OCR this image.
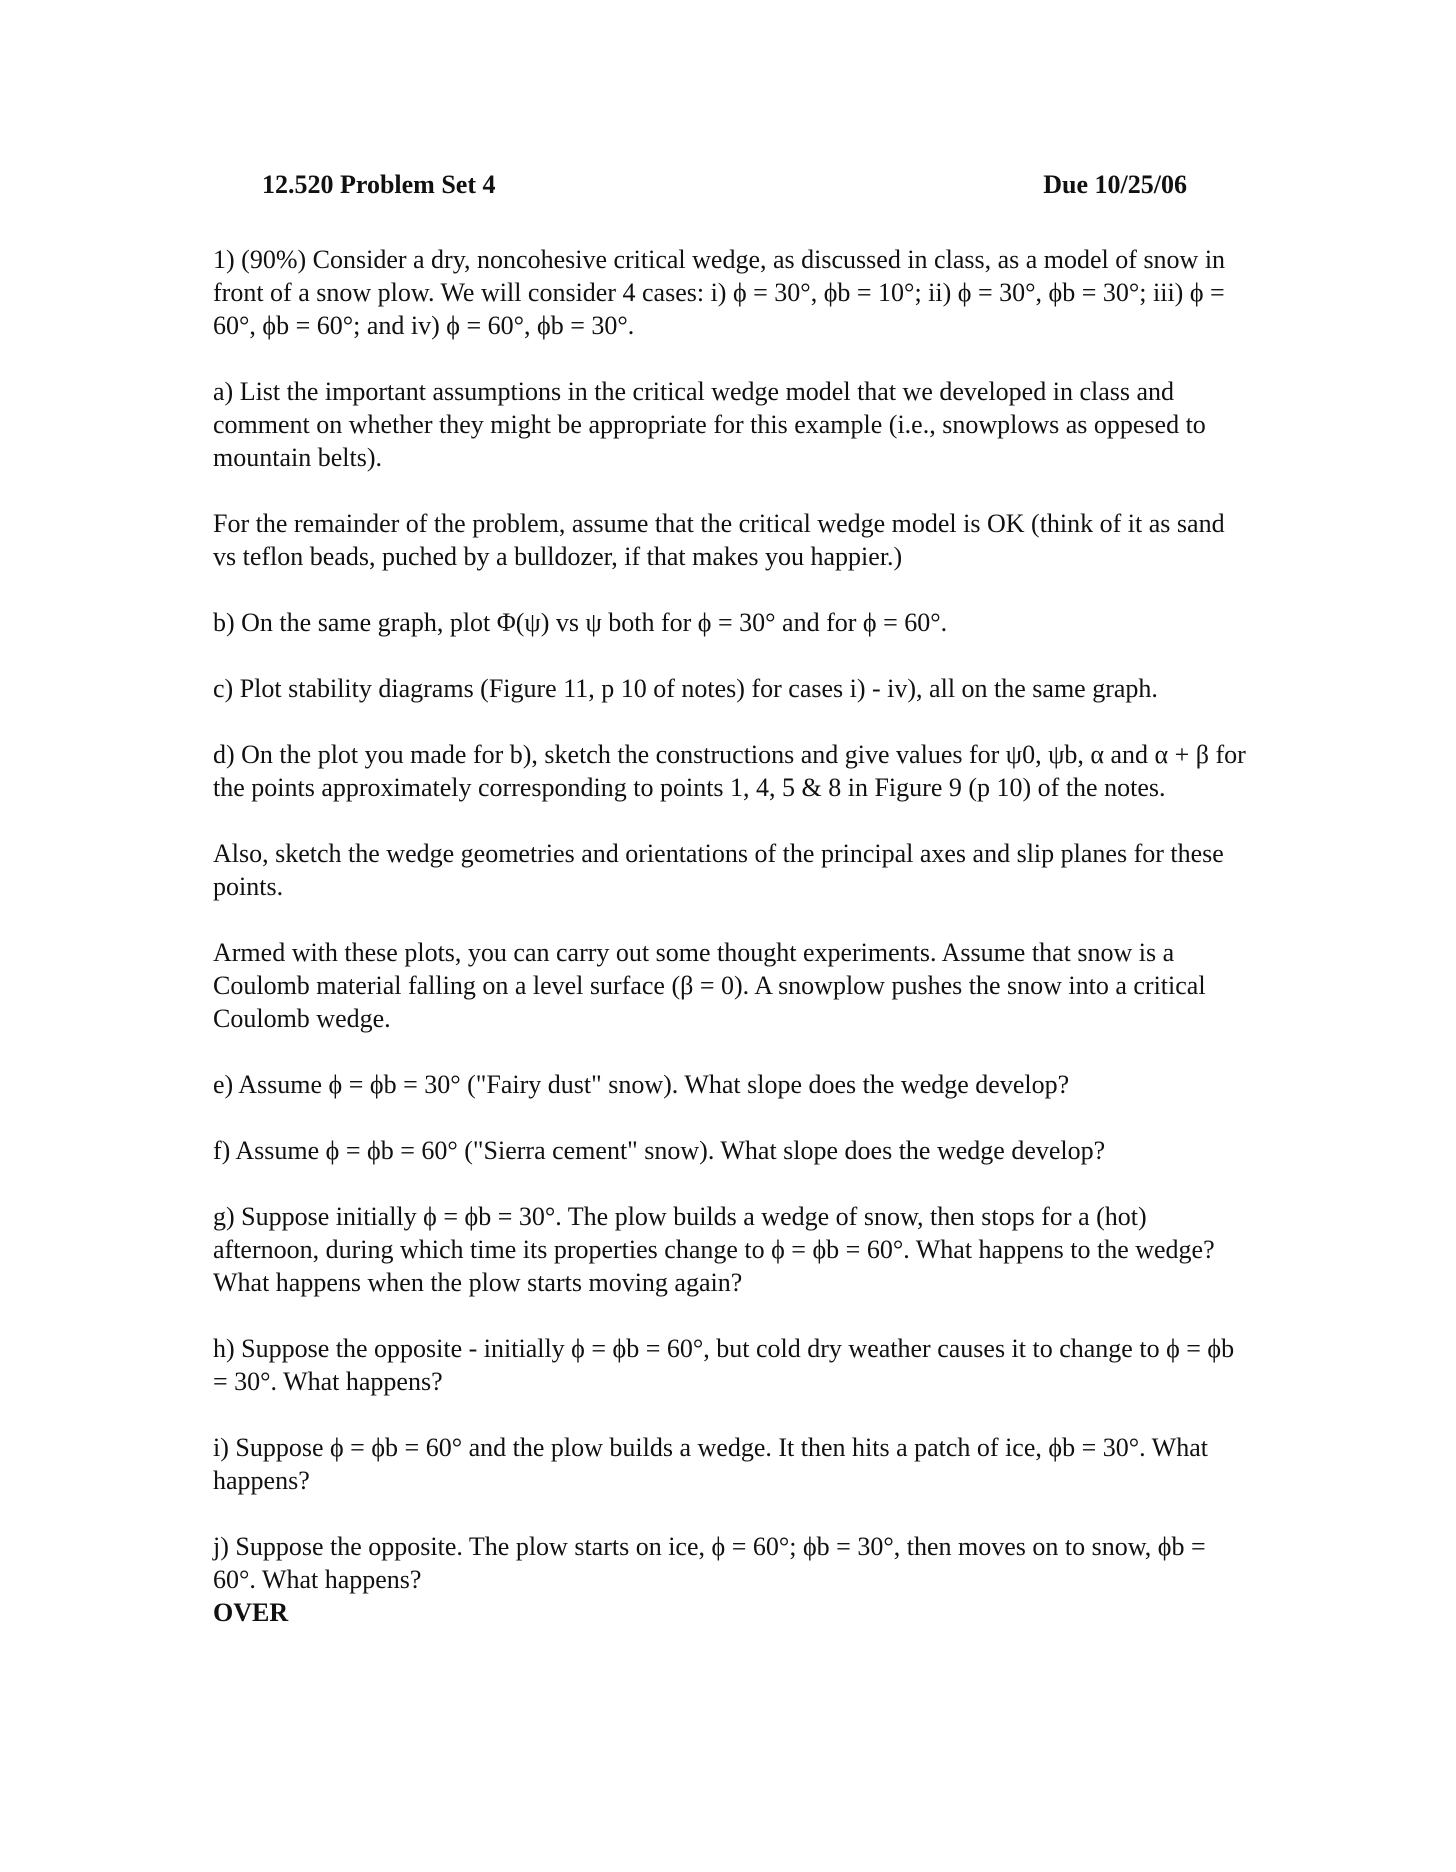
12.520 Problem Set 4	Due 10/25/06

1) (90%) Consider a dry, noncohesive critical wedge, as discussed in class, as a model of snow in front of a snow plow. We will consider 4 cases: i) ϕ = 30°, ϕb = 10°; ii) ϕ = 30°, ϕb = 30°; iii) ϕ = 60°, ϕb = 60°; and iv) ϕ = 60°, ϕb = 30°.

a) List the important assumptions in the critical wedge model that we developed in class and comment on whether they might be appropriate for this example (i.e., snowplows as oppesed to mountain belts).

For the remainder of the problem, assume that the critical wedge model is OK (think of it as sand vs teflon beads, puched by a bulldozer, if that makes you happier.)

b) On the same graph, plot Φ(ψ) vs ψ both for ϕ = 30° and for ϕ = 60°.

c) Plot stability diagrams (Figure 11, p 10 of notes) for cases i) - iv), all on the same graph.

d) On the plot you made for b), sketch the constructions and give values for ψ0, ψb, α and α + β for the points approximately corresponding to points 1, 4, 5 & 8 in Figure 9 (p 10) of the notes.

Also, sketch the wedge geometries and orientations of the principal axes and slip planes for these points.

Armed with these plots, you can carry out some thought experiments. Assume that snow is a Coulomb material falling on a level surface (β = 0). A snowplow pushes the snow into a critical Coulomb wedge.

e) Assume ϕ = ϕb = 30° ("Fairy dust" snow). What slope does the wedge develop?

f) Assume ϕ = ϕb = 60° ("Sierra cement" snow). What slope does the wedge develop?

g) Suppose initially ϕ = ϕb = 30°. The plow builds a wedge of snow, then stops for a (hot) afternoon, during which time its properties change to ϕ = ϕb = 60°. What happens to the wedge? What happens when the plow starts moving again?

h) Suppose the opposite - initially ϕ = ϕb = 60°, but cold dry weather causes it to change to ϕ = ϕb = 30°. What happens?

i) Suppose ϕ = ϕb = 60° and the plow builds a wedge. It then hits a patch of ice, ϕb = 30°. What happens?

j) Suppose the opposite. The plow starts on ice, ϕ = 60°; ϕb = 30°, then moves on to snow, ϕb = 60°. What happens?

OVER
